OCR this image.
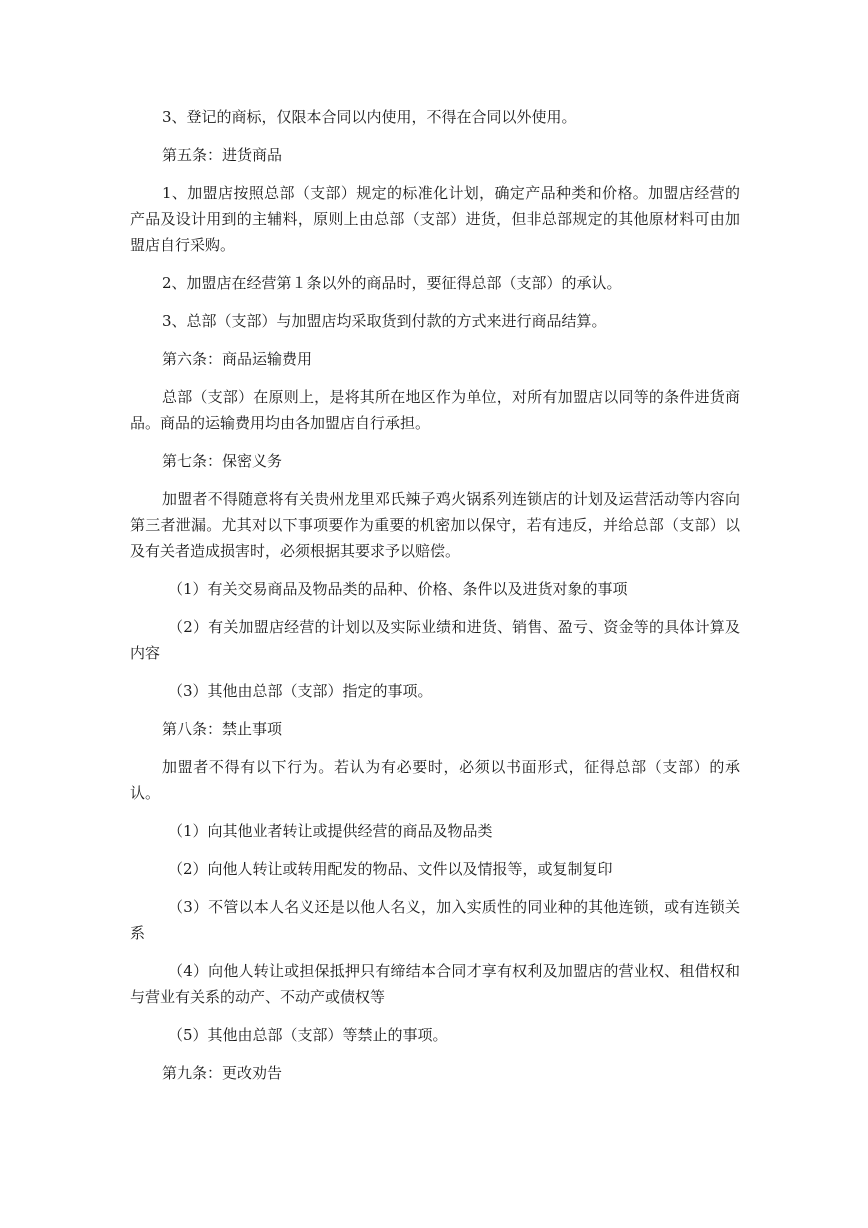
3、登记的商标，仅限本合同以内使用，不得在合同以外使用。

第五条：进货商品

1、加盟店按照总部（支部）规定的标准化计划，确定产品种类和价格。加盟店经营的产品及设计用到的主辅料，原则上由总部（支部）进货，但非总部规定的其他原材料可由加盟店自行采购。

2、加盟店在经营第１条以外的商品时，要征得总部（支部）的承认。

3、总部（支部）与加盟店均采取货到付款的方式来进行商品结算。

第六条：商品运输费用

总部（支部）在原则上，是将其所在地区作为单位，对所有加盟店以同等的条件进货商品。商品的运输费用均由各加盟店自行承担。

第七条：保密义务

加盟者不得随意将有关贵州龙里邓氏辣子鸡火锅系列连锁店的计划及运营活动等内容向第三者泄漏。尤其对以下事项要作为重要的机密加以保守，若有违反，并给总部（支部）以及有关者造成损害时，必须根据其要求予以赔偿。

（1）有关交易商品及物品类的品种、价格、条件以及进货对象的事项

（2）有关加盟店经营的计划以及实际业绩和进货、销售、盈亏、资金等的具体计算及内容

（3）其他由总部（支部）指定的事项。

第八条：禁止事项

加盟者不得有以下行为。若认为有必要时，必须以书面形式，征得总部（支部）的承认。

（1）向其他业者转让或提供经营的商品及物品类

（2）向他人转让或转用配发的物品、文件以及情报等，或复制复印

（3）不管以本人名义还是以他人名义，加入实质性的同业种的其他连锁，或有连锁关系

（4）向他人转让或担保抵押只有缔结本合同才享有权利及加盟店的营业权、租借权和与营业有关系的动产、不动产或债权等

（5）其他由总部（支部）等禁止的事项。

第九条：更改劝告
